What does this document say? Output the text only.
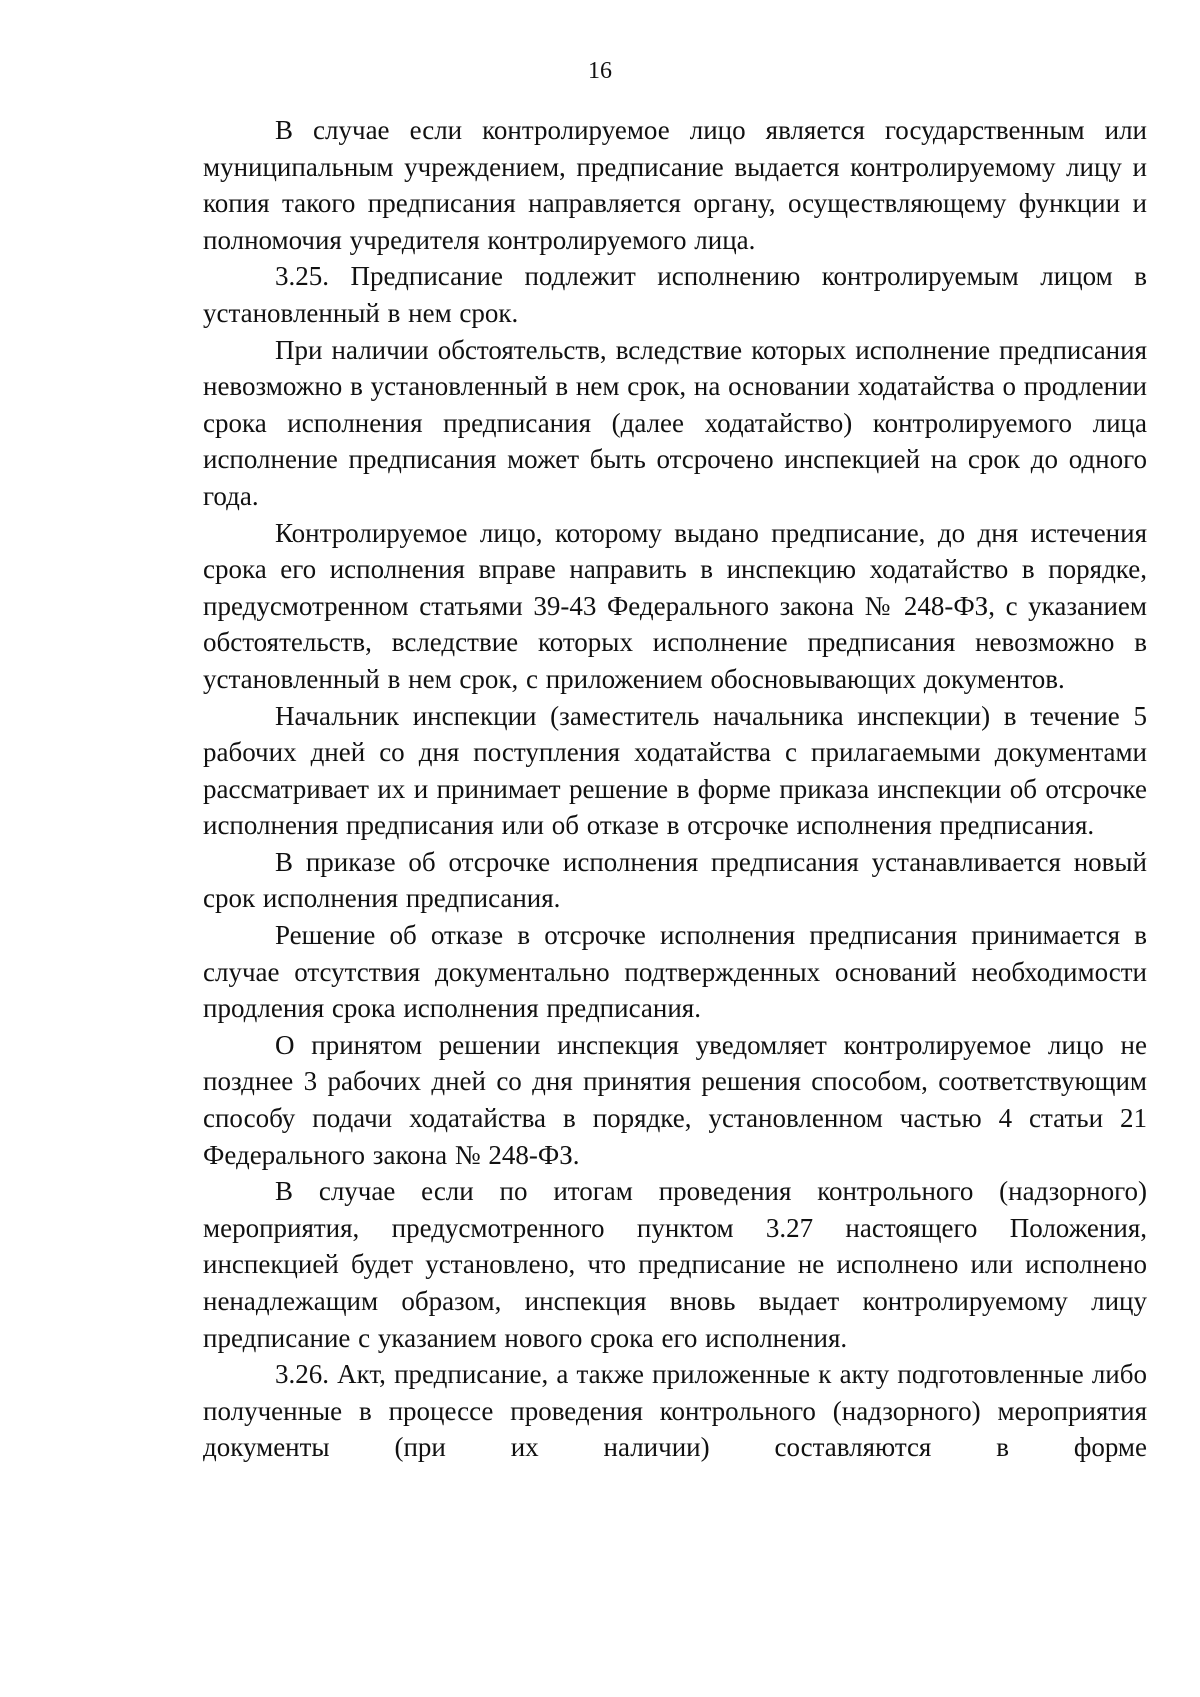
16

В случае если контролируемое лицо является государственным или муниципальным учреждением, предписание выдается контролируемому лицу и копия такого предписания направляется органу, осуществляющему функции и полномочия учредителя контролируемого лица.

3.25. Предписание подлежит исполнению контролируемым лицом в установленный в нем срок.

При наличии обстоятельств, вследствие которых исполнение предписания невозможно в установленный в нем срок, на основании ходатайства о продлении срока исполнения предписания (далее ходатайство) контролируемого лица исполнение предписания может быть отсрочено инспекцией на срок до одного года.

Контролируемое лицо, которому выдано предписание, до дня истечения срока его исполнения вправе направить в инспекцию ходатайство в порядке, предусмотренном статьями 39-43 Федерального закона № 248-ФЗ, с указанием обстоятельств, вследствие которых исполнение предписания невозможно в установленный в нем срок, с приложением обосновывающих документов.

Начальник инспекции (заместитель начальника инспекции) в течение 5 рабочих дней со дня поступления ходатайства с прилагаемыми документами рассматривает их и принимает решение в форме приказа инспекции об отсрочке исполнения предписания или об отказе в отсрочке исполнения предписания.

В приказе об отсрочке исполнения предписания устанавливается новый срок исполнения предписания.

Решение об отказе в отсрочке исполнения предписания принимается в случае отсутствия документально подтвержденных оснований необходимости продления срока исполнения предписания.

О принятом решении инспекция уведомляет контролируемое лицо не позднее 3 рабочих дней со дня принятия решения способом, соответствующим способу подачи ходатайства в порядке, установленном частью 4 статьи 21 Федерального закона № 248-ФЗ.

В случае если по итогам проведения контрольного (надзорного) мероприятия, предусмотренного пунктом 3.27 настоящего Положения, инспекцией будет установлено, что предписание не исполнено или исполнено ненадлежащим образом, инспекция вновь выдает контролируемому лицу предписание с указанием нового срока его исполнения.

3.26. Акт, предписание, а также приложенные к акту подготовленные либо полученные в процессе проведения контрольного (надзорного) мероприятия документы (при их наличии) составляются в форме
